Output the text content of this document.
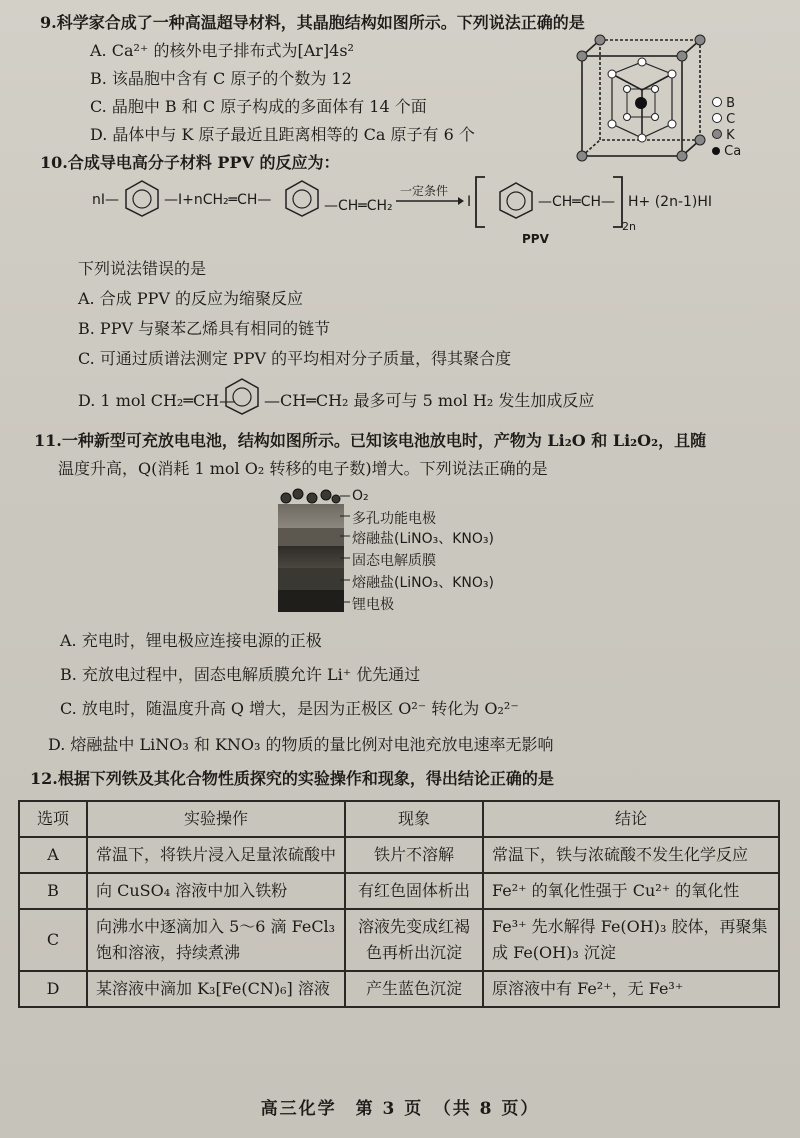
9.科学家合成了一种高温超导材料，其晶胞结构如图所示。下列说法正确的是
A. Ca²⁺ 的核外电子排布式为[Ar]4s²
B. 该晶胞中含有 C 原子的个数为 12
C. 晶胞中 B 和 C 原子构成的多面体有 14 个面
D. 晶体中与 K 原子最近且距离相等的 Ca 原子有 6 个
B
C
K
Ca
10.合成导电高分子材料 PPV 的反应为：
nI—	—I+nCH₂═CH—	—CH═CH₂
一定条件
I	—CH═CH—
2n
H+ (2n-1)HI
PPV
下列说法错误的是
A. 合成 PPV 的反应为缩聚反应
B. PPV 与聚苯乙烯具有相同的链节
C. 可通过质谱法测定 PPV 的平均相对分子质量，得其聚合度
D. 1 mol CH₂═CH— —CH═CH₂ 最多可与 5 mol H₂ 发生加成反应
11.一种新型可充放电电池，结构如图所示。已知该电池放电时，产物为 Li₂O 和 Li₂O₂，且随
温度升高，Q(消耗 1 mol O₂ 转移的电子数)增大。下列说法正确的是
O₂
多孔功能电极
熔融盐(LiNO₃、KNO₃)
固态电解质膜
熔融盐(LiNO₃、KNO₃)
锂电极
A. 充电时，锂电极应连接电源的正极
B. 充放电过程中，固态电解质膜允许 Li⁺ 优先通过
C. 放电时，随温度升高 Q 增大，是因为正极区 O²⁻ 转化为 O₂²⁻
D. 熔融盐中 LiNO₃ 和 KNO₃ 的物质的量比例对电池充放电速率无影响
12.根据下列铁及其化合物性质探究的实验操作和现象，得出结论正确的是
选项	实验操作	现象	结论
A	常温下，将铁片浸入足量浓硫酸中	铁片不溶解	常温下，铁与浓硫酸不发生化学反应
B	向 CuSO₄ 溶液中加入铁粉	有红色固体析出	Fe²⁺ 的氧化性强于 Cu²⁺ 的氧化性
C	向沸水中逐滴加入 5～6 滴 FeCl₃ 饱和溶液，持续煮沸	溶液先变成红褐色再析出沉淀	Fe³⁺ 先水解得 Fe(OH)₃ 胶体，再聚集成 Fe(OH)₃ 沉淀
D	某溶液中滴加 K₃[Fe(CN)₆] 溶液	产生蓝色沉淀	原溶液中有 Fe²⁺，无 Fe³⁺
高三化学　第 3 页　（共 8 页）
